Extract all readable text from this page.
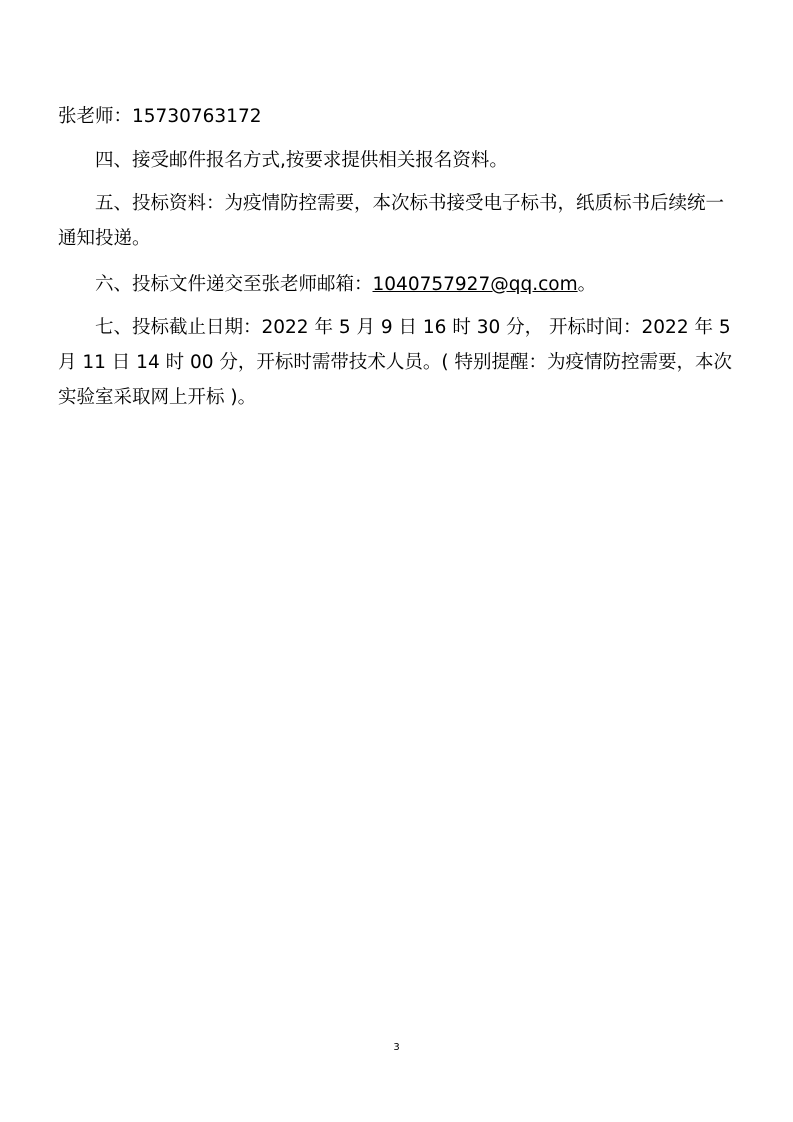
张老师：15730763172

四、接受邮件报名方式,按要求提供相关报名资料。

五、投标资料：为疫情防控需要，本次标书接受电子标书，纸质标书后续统一通知投递。

六、投标文件递交至张老师邮箱：1040757927@qq.com。

七、投标截止日期：2022 年 5 月 9 日 16 时 30 分， 开标时间：2022 年 5 月 11 日 14 时 00 分，开标时需带技术人员。( 特别提醒：为疫情防控需要，本次实验室采取网上开标 )。

3
